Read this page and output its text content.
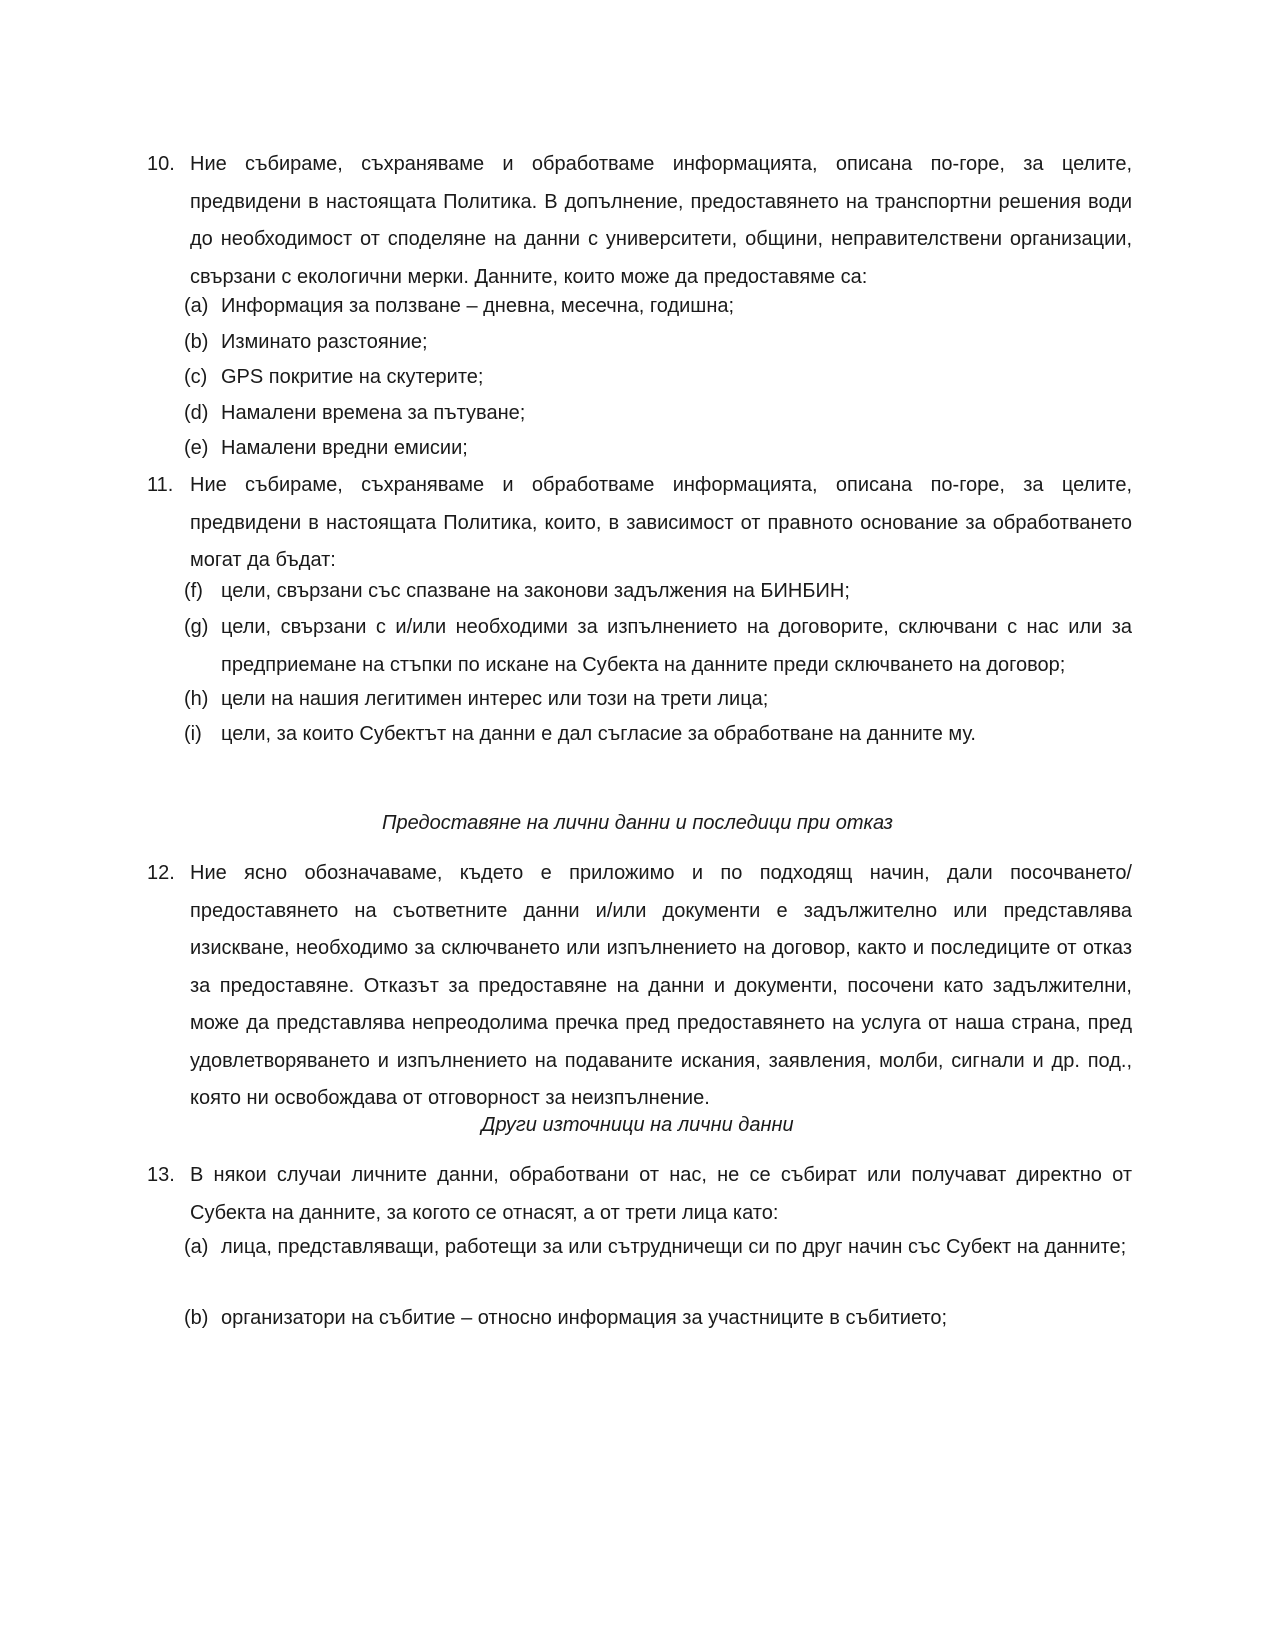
10. Ние събираме, съхраняваме и обработваме информацията, описана по-горе, за целите, предвидени в настоящата Политика. В допълнение, предоставянето на транспортни решения води до необходимост от споделяне на данни с университети, общини, неправителствени организации, свързани с екологични мерки. Данните, които може да предоставяме са:
(a) Информация за ползване – дневна, месечна, годишна;
(b) Изминато разстояние;
(c) GPS покритие на скутерите;
(d) Намалени времена за пътуване;
(e) Намалени вредни емисии;
11. Ние събираме, съхраняваме и обработваме информацията, описана по-горе, за целите, предвидени в настоящата Политика, които, в зависимост от правното основание за обработването могат да бъдат:
(f) цели, свързани със спазване на законови задължения на БИНБИН;
(g) цели, свързани с и/или необходими за изпълнението на договорите, сключвани с нас или за предприемане на стъпки по искане на Субекта на данните преди сключването на договор;
(h) цели на нашия легитимен интерес или този на трети лица;
(i) цели, за които Субектът на данни е дал съгласие за обработване на данните му.
Предоставяне на лични данни и последици при отказ
12. Ние ясно обозначаваме, където е приложимо и по подходящ начин, дали посочването/ предоставянето на съответните данни и/или документи е задължително или представлява изискване, необходимо за сключването или изпълнението на договор, както и последиците от отказ за предоставяне. Отказът за предоставяне на данни и документи, посочени като задължителни, може да представлява непреодолима пречка пред предоставянето на услуга от наша страна, пред удовлетворяването и изпълнението на подаваните искания, заявления, молби, сигнали и др. под., която ни освобождава от отговорност за неизпълнение.
Други източници на лични данни
13. В някои случаи личните данни, обработвани от нас, не се събират или получават директно от Субекта на данните, за когото се отнасят, а от трети лица като:
(a) лица, представляващи, работещи за или сътрудничещи си по друг начин със Субект на данните;
(b) организатори на събитие – относно информация за участниците в събитието;
